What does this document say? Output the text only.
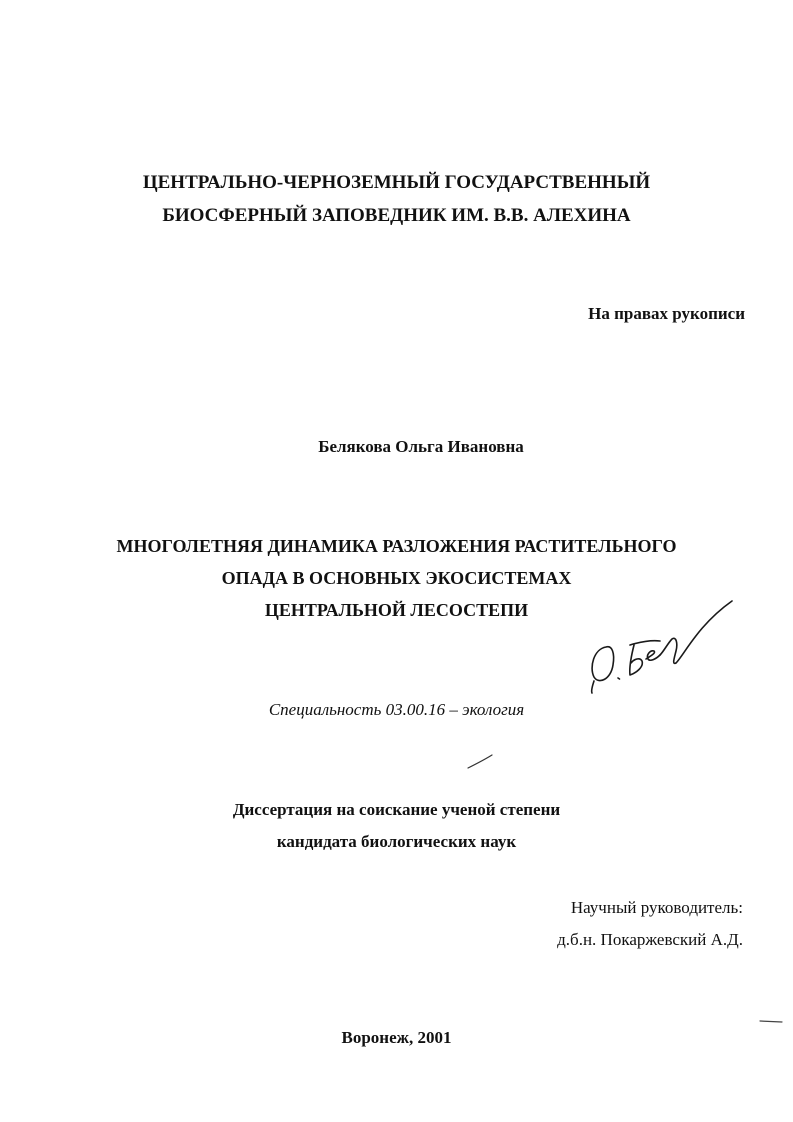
ЦЕНТРАЛЬНО-ЧЕРНОЗЕМНЫЙ ГОСУДАРСТВЕННЫЙ
БИОСФЕРНЫЙ ЗАПОВЕДНИК ИМ. В.В. АЛЕХИНА
На правах рукописи
Белякова Ольга Ивановна
МНОГОЛЕТНЯЯ ДИНАМИКА РАЗЛОЖЕНИЯ РАСТИТЕЛЬНОГО
ОПАДА В ОСНОВНЫХ ЭКОСИСТЕМАХ
ЦЕНТРАЛЬНОЙ ЛЕСОСТЕПИ
Специальность 03.00.16 – экология
Диссертация на соискание ученой степени
кандидата биологических наук
Научный руководитель:
д.б.н. Покаржевский А.Д.
Воронеж, 2001
